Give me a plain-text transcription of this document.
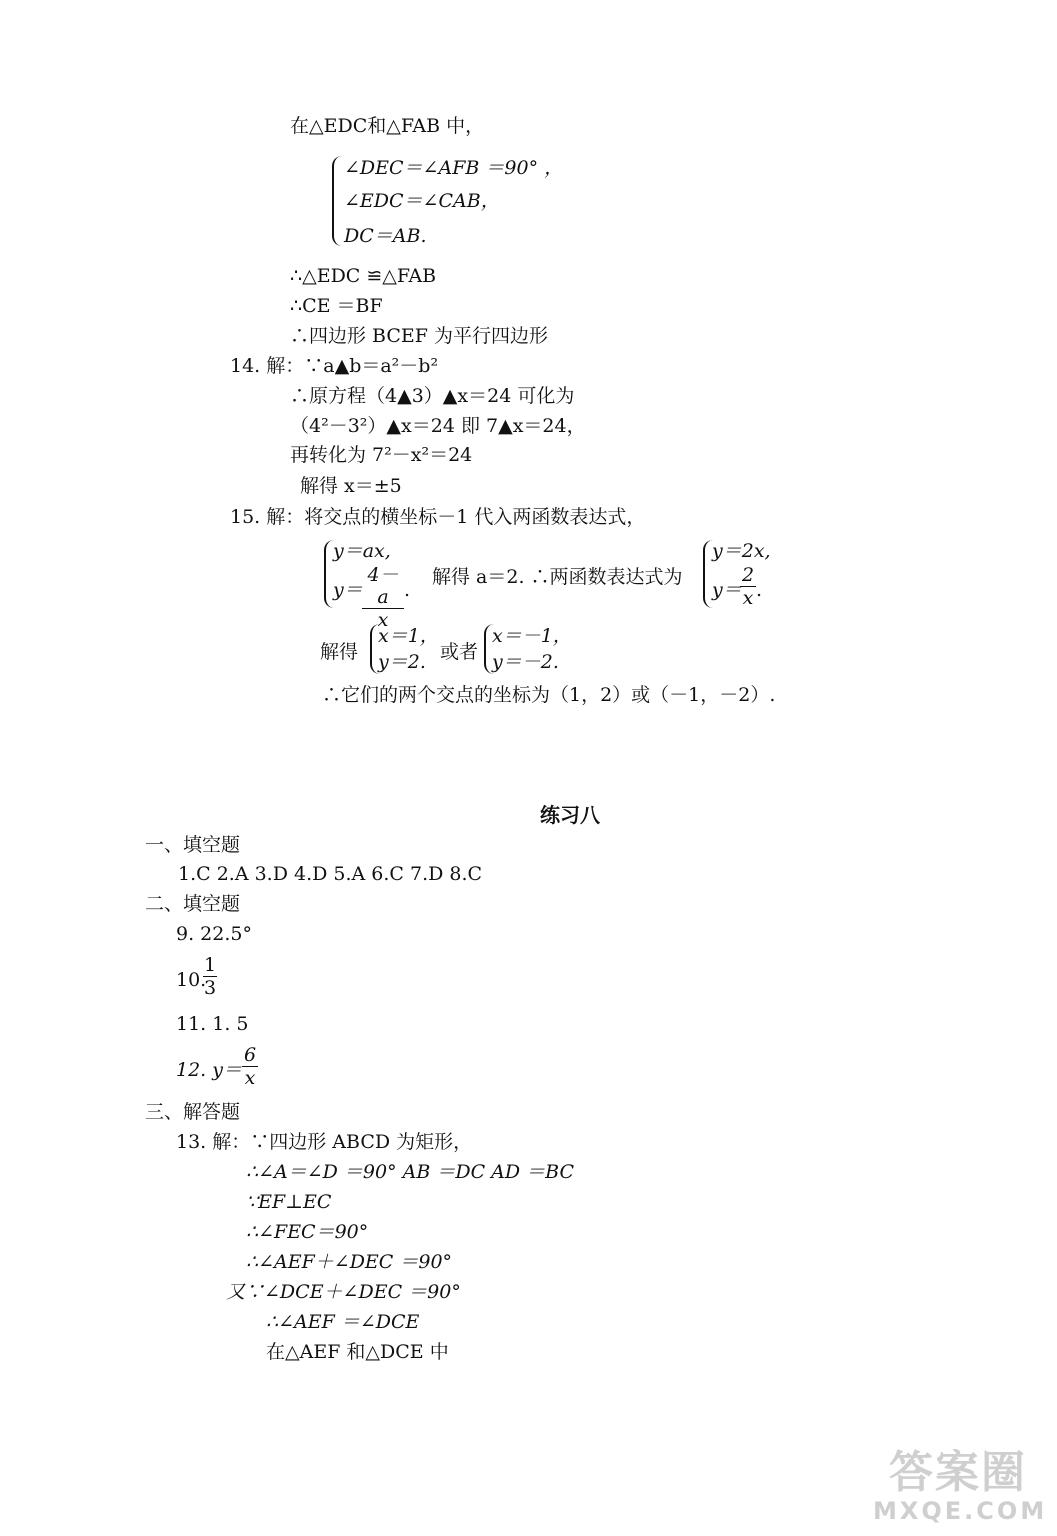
在△EDC和△FAB 中，
∠DEC＝∠AFB ＝90° ，
∠EDC＝∠CAB，
DC＝AB.
∴△EDC ≌△FAB
∴CE ＝BF
∴四边形 BCEF 为平行四边形
14. 解：∵a▲b＝a²－b²
∴原方程（4▲3）▲x＝24 可化为
（4²－3²）▲x＝24 即 7▲x＝24，
再转化为 7²－x²＝24
解得 x＝±5
15. 解：将交点的横坐标－1 代入两函数表达式，
y＝ax,
y＝
4－a
x
.
解得 a＝2. ∴两函数表达式为
y＝2x,
y＝
2
x .
解得
x＝1，
y＝2. 或者
x＝－1，
y＝－2.
∴它们的两个交点的坐标为（1，2）或（－1，－2）.
练习八
一、填空题
1.C 2.A 3.D 4.D 5.A 6.C 7.D 8.C
二、填空题
9. 22.5°
10.
1
3
11. 1. 5
12. y＝
6
x
三、解答题
13. 解：∵四边形 ABCD 为矩形，
∴∠A＝∠D ＝90° AB ＝DC AD ＝BC
∵EF⊥EC
∴∠FEC＝90°
∴∠AEF＋∠DEC ＝90°
又∵∠DCE＋∠DEC ＝90°
∴∠AEF ＝∠DCE
在△AEF 和△DCE 中
答案圈
MXQE.COM
